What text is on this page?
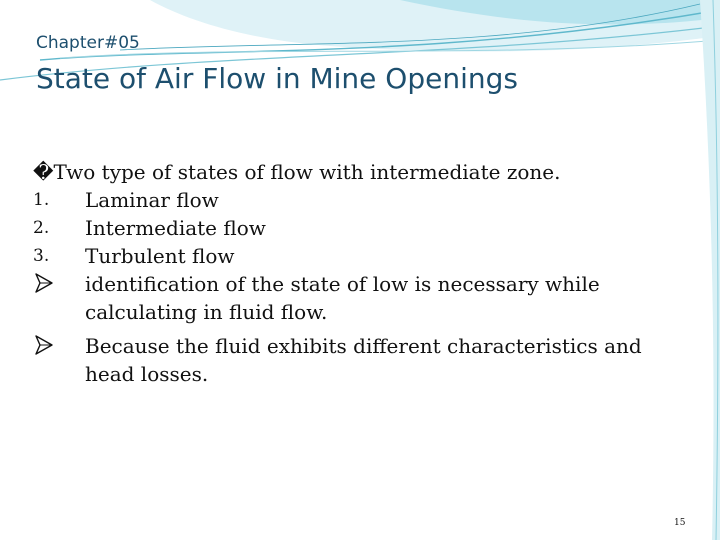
Chapter#05
State of Air Flow in Mine Openings
�Two type of states of flow with intermediate zone.
1. Laminar flow
2. Intermediate flow
3. Turbulent flow
identification of the state of low is necessary while calculating in fluid flow.
Because the fluid exhibits different characteristics and head losses.
15
